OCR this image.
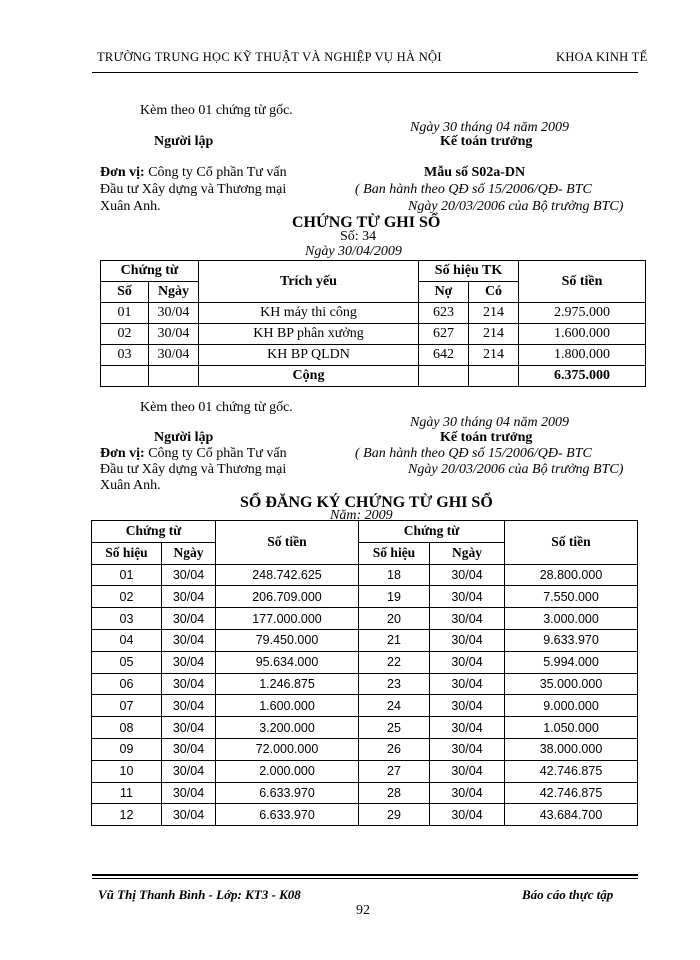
TRƯỜNG TRUNG HỌC KỸ THUẬT VÀ NGHIỆP VỤ HÀ NỘI	KHOA KINH TẾ
Kèm theo 01 chứng từ gốc.
Ngày 30 tháng 04 năm 2009
Người lập	Kế toán trưởng
Đơn vị: Công ty Cổ phần Tư vấn
Đầu tư Xây dựng và Thương mại
Xuân Anh.
Mẫu số S02a-DN
( Ban hành theo QĐ số 15/2006/QĐ- BTC
Ngày 20/03/2006 của Bộ trưởng BTC)
CHỨNG TỪ GHI SỔ
Số: 34
Ngày 30/04/2009
Chứng từ		Trích yếu	Số hiệu TK		Số tiền
Số	Ngày		Nợ	Có	
01	30/04	KH máy thi công	623	214	2.975.000
02	30/04	KH BP phân xưởng	627	214	1.600.000
03	30/04	KH BP QLDN	642	214	1.800.000
		Cộng			6.375.000
Kèm theo 01 chứng từ gốc.
Ngày 30 tháng 04 năm 2009
Người lập	Kế toán trưởng
Đơn vị: Công ty Cổ phần Tư vấn
Đầu tư Xây dựng và Thương mại
Xuân Anh.
( Ban hành theo QĐ số 15/2006/QĐ- BTC
Ngày 20/03/2006 của Bộ trưởng BTC)
SỔ ĐĂNG KÝ CHỨNG TỪ GHI SỔ
Năm: 2009
Chứng từ		Số tiền	Chứng từ		Số tiền
Số hiệu	Ngày		Số hiệu	Ngày	
01	30/04	248.742.625	18	30/04	28.800.000
02	30/04	206.709.000	19	30/04	7.550.000
03	30/04	177.000.000	20	30/04	3.000.000
04	30/04	79.450.000	21	30/04	9.633.970
05	30/04	95.634.000	22	30/04	5.994.000
06	30/04	1.246.875	23	30/04	35.000.000
07	30/04	1.600.000	24	30/04	9.000.000
08	30/04	3.200.000	25	30/04	1.050.000
09	30/04	72.000.000	26	30/04	38.000.000
10	30/04	2.000.000	27	30/04	42.746.875
11	30/04	6.633.970	28	30/04	42.746.875
12	30/04	6.633.970	29	30/04	43.684.700
Vũ Thị Thanh Bình - Lớp: KT3 - K08	Báo cáo thực tập
92
